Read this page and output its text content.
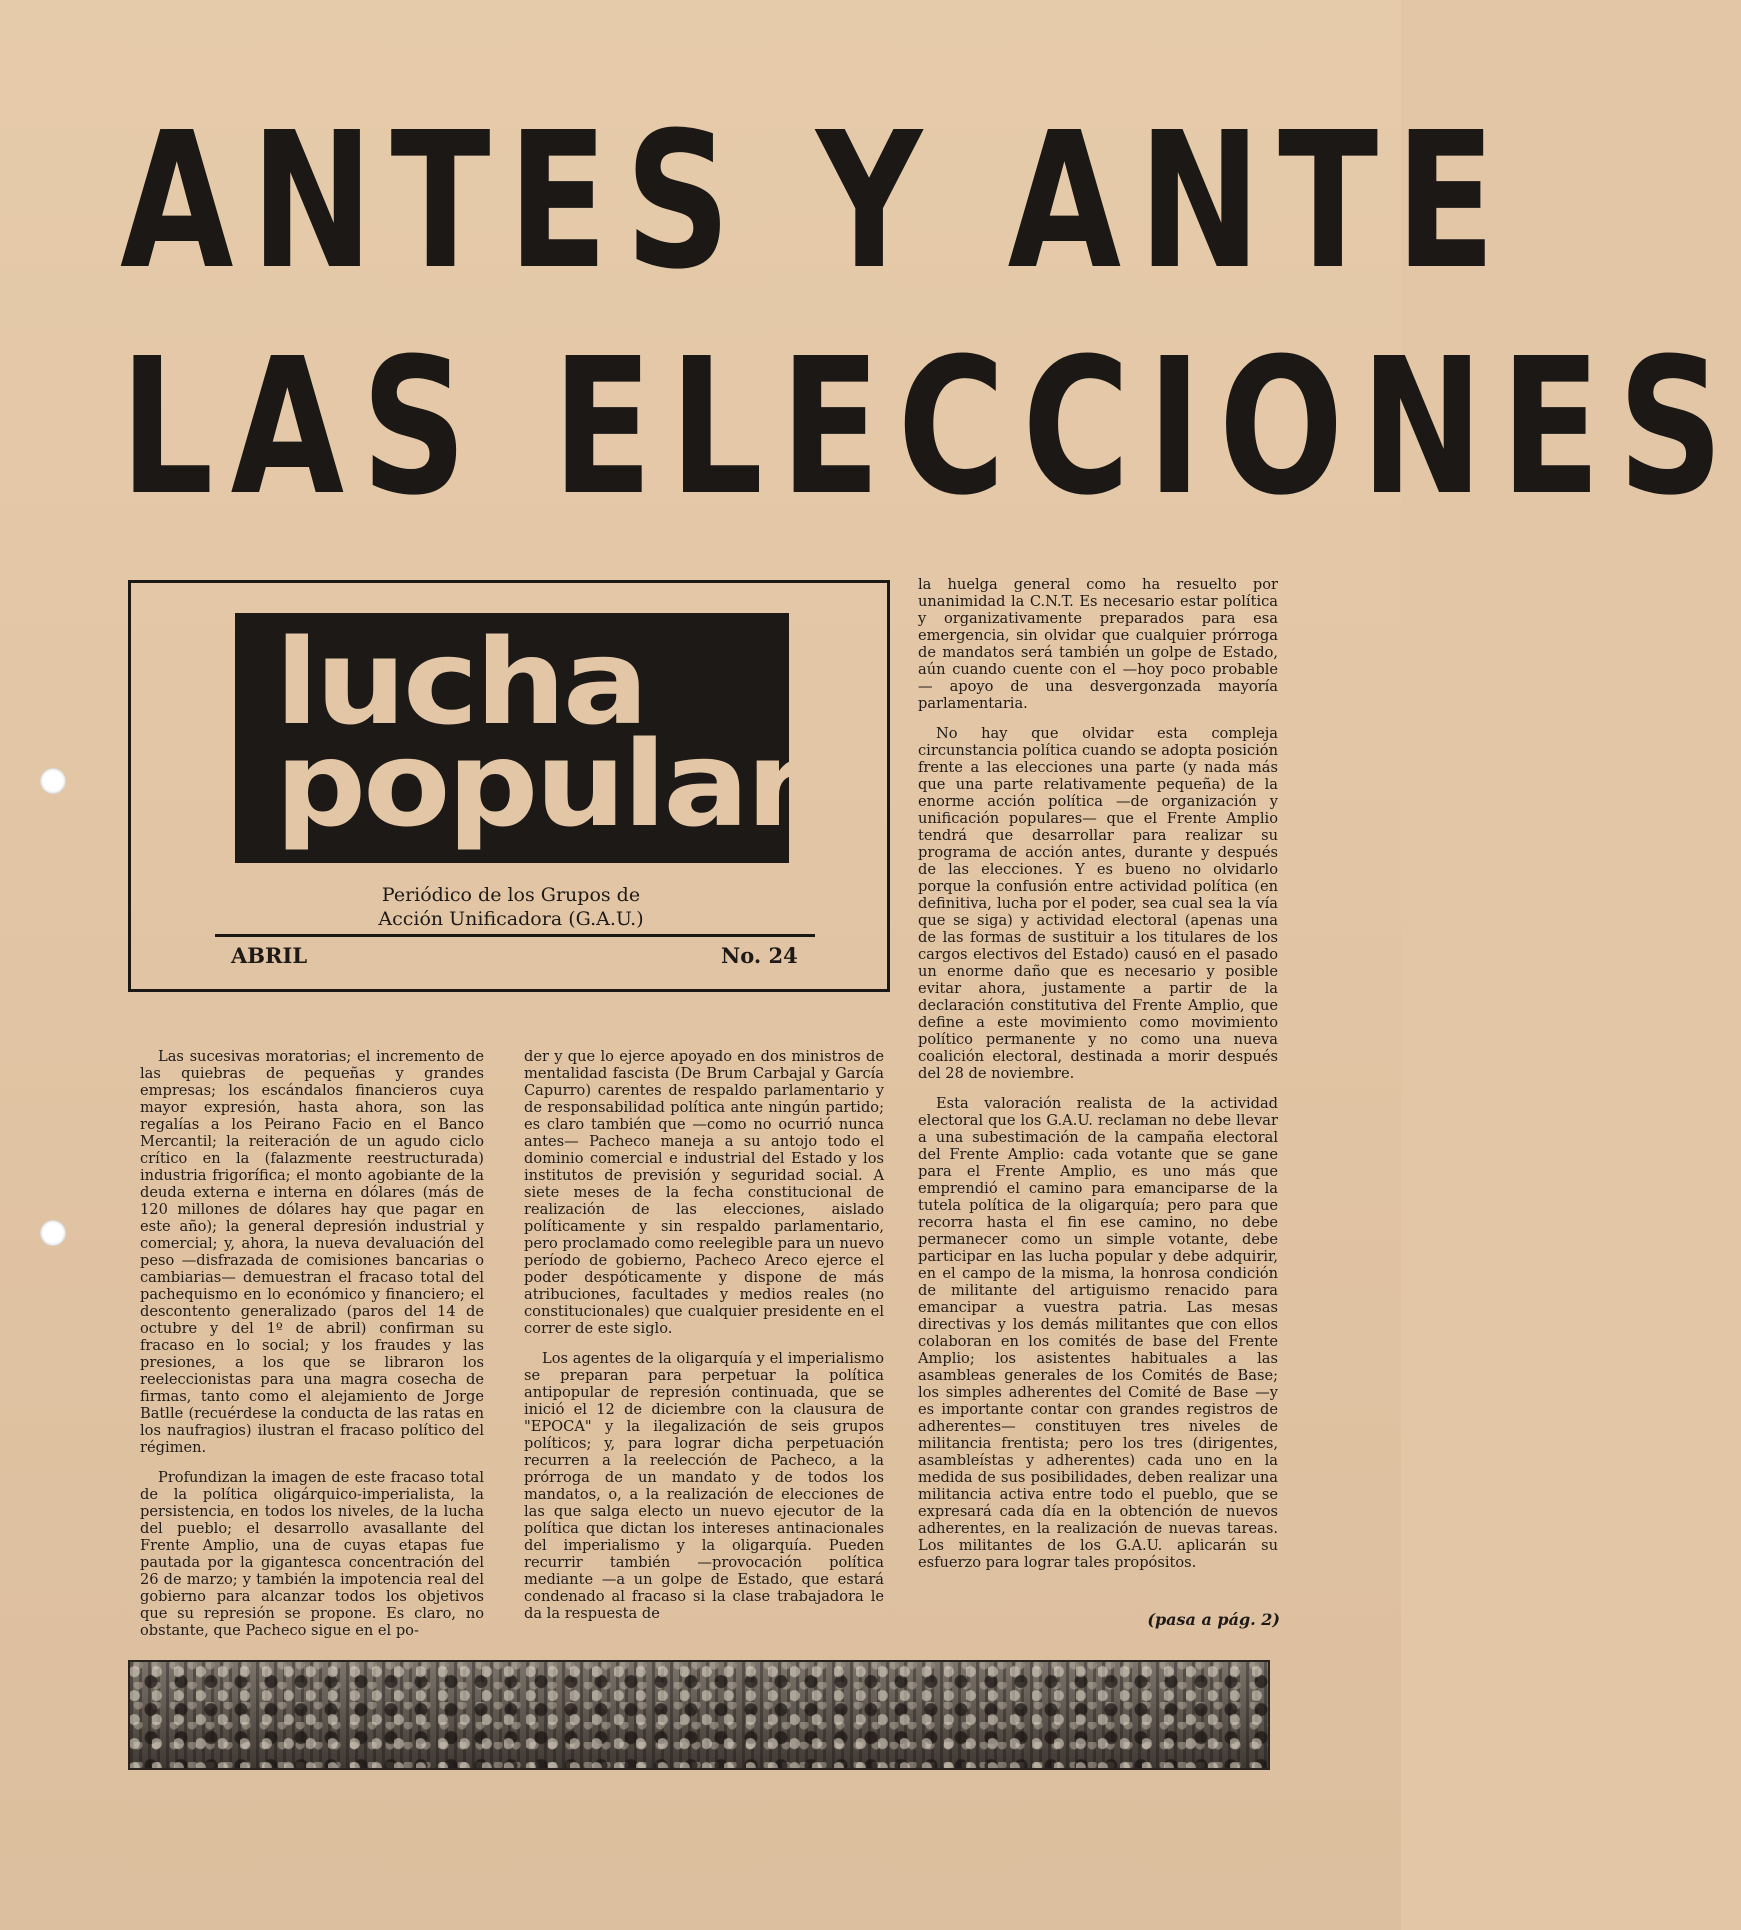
ANTES Y ANTE
LAS ELECCIONES
lucha
popular
Periódico de los Grupos de
Acción Unificadora (G.A.U.)
ABRIL	No. 24

la huelga general como ha resuelto por unanimidad la C.N.T. Es necesario estar política y organizativamente preparados para esa emergencia, sin olvidar que cualquier prórroga de mandatos será también un golpe de Estado, aún cuando cuente con el —hoy poco probable— apoyo de una desvergonzada mayoría parlamentaria.

No hay que olvidar esta compleja circunstancia política cuando se adopta posición frente a las elecciones una parte (y nada más que una parte relativamente pequeña) de la enorme acción política —de organización y unificación populares— que el Frente Amplio tendrá que desarrollar para realizar su programa de acción antes, durante y después de las elecciones. Y es bueno no olvidarlo porque la confusión entre actividad política (en definitiva, lucha por el poder, sea cual sea la vía que se siga) y actividad electoral (apenas una de las formas de sustituir a los titulares de los cargos electivos del Estado) causó en el pasado un enorme daño que es necesario y posible evitar ahora, justamente a partir de la declaración constitutiva del Frente Amplio, que define a este movimiento como movimiento político permanente y no como una nueva coalición electoral, destinada a morir después del 28 de noviembre.

Esta valoración realista de la actividad electoral que los G.A.U. reclaman no debe llevar a una subestimación de la campaña electoral del Frente Amplio: cada votante que se gane para el Frente Amplio, es uno más que emprendió el camino para emanciparse de la tutela política de la oligarquía; pero para que recorra hasta el fin ese camino, no debe permanecer como un simple votante, debe participar en las lucha popular y debe adquirir, en el campo de la misma, la honrosa condición de militante del artiguismo renacido para emancipar a vuestra patria. Las mesas directivas y los demás militantes que con ellos colaboran en los comités de base del Frente Amplio; los asistentes habituales a las asambleas generales de los Comités de Base; los simples adherentes del Comité de Base —y es importante contar con grandes registros de adherentes— constituyen tres niveles de militancia frentista; pero los tres (dirigentes, asambleístas y adherentes) cada uno en la medida de sus posibilidades, deben realizar una militancia activa entre todo el pueblo, que se expresará cada día en la obtención de nuevos adherentes, en la realización de nuevas tareas. Los militantes de los G.A.U. aplicarán su esfuerzo para lograr tales propósitos.

Las sucesivas moratorias; el incremento de las quiebras de pequeñas y grandes empresas; los escándalos financieros cuya mayor expresión, hasta ahora, son las regalías a los Peirano Facio en el Banco Mercantil; la reiteración de un agudo ciclo crítico en la (falazmente reestructurada) industria frigorífica; el monto agobiante de la deuda externa e interna en dólares (más de 120 millones de dólares hay que pagar en este año); la general depresión industrial y comercial; y, ahora, la nueva devaluación del peso —disfrazada de comisiones bancarias o cambiarias— demuestran el fracaso total del pachequismo en lo económico y financiero; el descontento generalizado (paros del 14 de octubre y del 1º de abril) confirman su fracaso en lo social; y los fraudes y las presiones, a los que se libraron los reeleccionistas para una magra cosecha de firmas, tanto como el alejamiento de Jorge Batlle (recuérdese la conducta de las ratas en los naufragios) ilustran el fracaso político del régimen.

Profundizan la imagen de este fracaso total de la política oligárquico-imperialista, la persistencia, en todos los niveles, de la lucha del pueblo; el desarrollo avasallante del Frente Amplio, una de cuyas etapas fue pautada por la gigantesca concentración del 26 de marzo; y también la impotencia real del gobierno para alcanzar todos los objetivos que su represión se propone. Es claro, no obstante, que Pacheco sigue en el po-

der y que lo ejerce apoyado en dos ministros de mentalidad fascista (De Brum Carbajal y García Capurro) carentes de respaldo parlamentario y de responsabilidad política ante ningún partido; es claro también que —como no ocurrió nunca antes— Pacheco maneja a su antojo todo el dominio comercial e industrial del Estado y los institutos de previsión y seguridad social. A siete meses de la fecha constitucional de realización de las elecciones, aislado políticamente y sin respaldo parlamentario, pero proclamado como reelegible para un nuevo período de gobierno, Pacheco Areco ejerce el poder despóticamente y dispone de más atribuciones, facultades y medios reales (no constitucionales) que cualquier presidente en el correr de este siglo.

Los agentes de la oligarquía y el imperialismo se preparan para perpetuar la política antipopular de represión continuada, que se inició el 12 de diciembre con la clausura de "EPOCA" y la ilegalización de seis grupos políticos; y, para lograr dicha perpetuación recurren a la reelección de Pacheco, a la prórroga de un mandato y de todos los mandatos, o, a la realización de elecciones de las que salga electo un nuevo ejecutor de la política que dictan los intereses antinacionales del imperialismo y la oligarquía. Pueden recurrir también —provocación política mediante —a un golpe de Estado, que estará condenado al fracaso si la clase trabajadora le da la respuesta de	(pasa a pág. 2)
